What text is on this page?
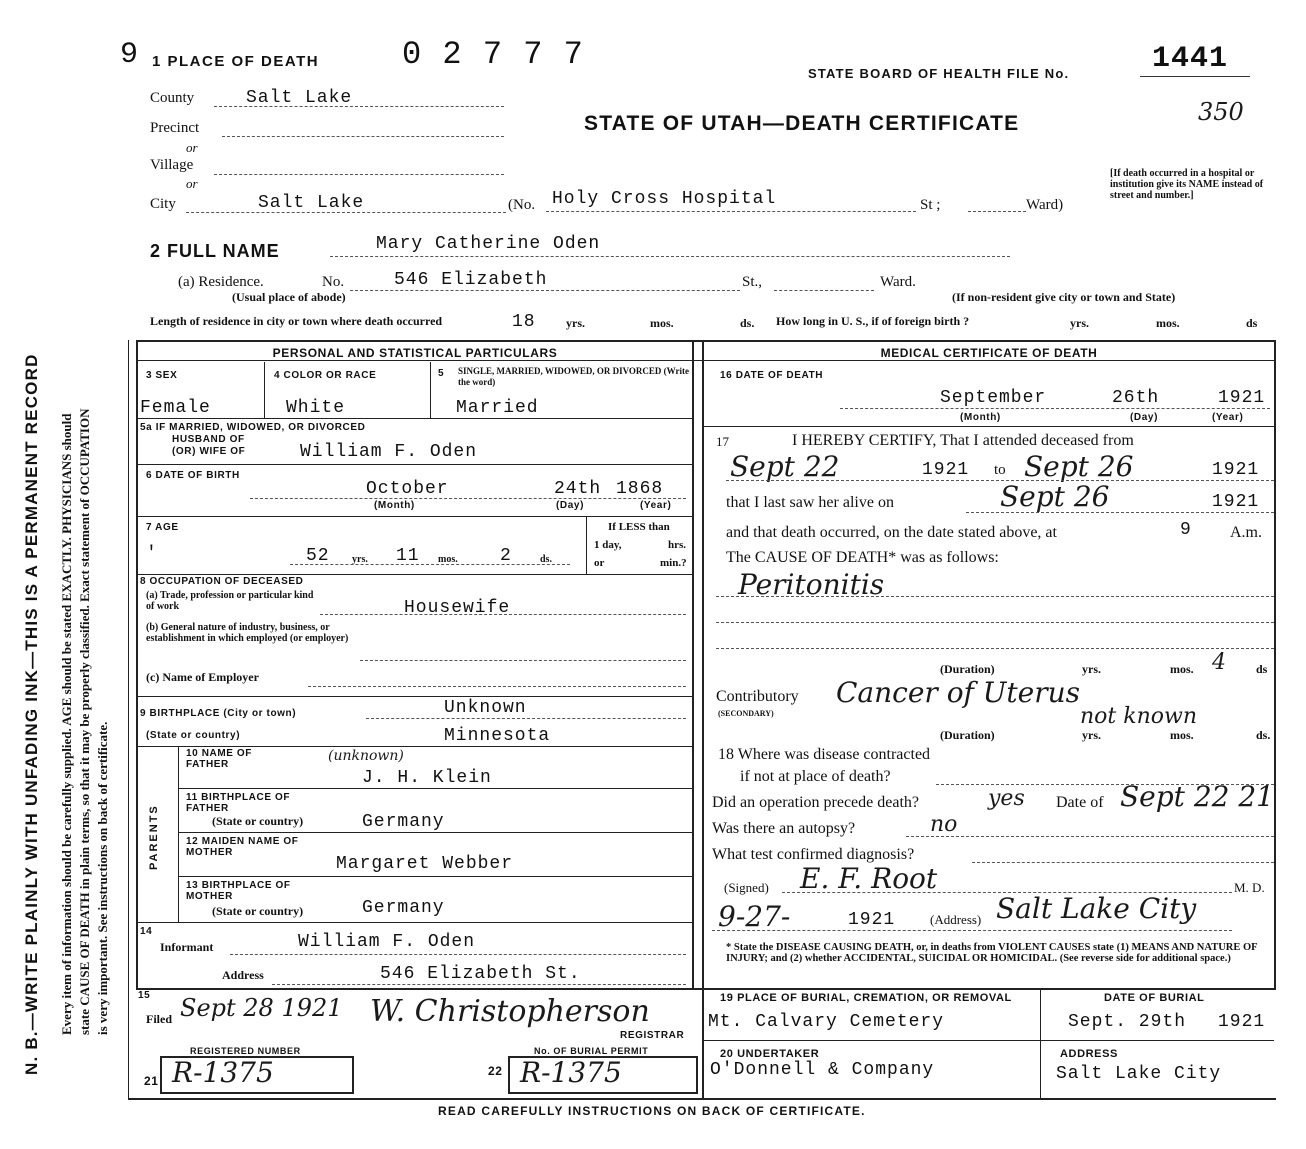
N. B.—WRITE PLAINLY WITH UNFADING INK—THIS IS A PERMANENT RECORD Every item of information should be carefully supplied. AGE should be stated EXACTLY. PHYSICIANS should state CAUSE OF DEATH in plain terms, so that it may be properly classified. Exact statement of OCCUPATION is very important. See instructions on back of certificate.
9 1 PLACE OF DEATH	0 2 7 7 7
STATE BOARD OF HEALTH FILE No.	1441
350
STATE OF UTAH—DEATH CERTIFICATE
County	Salt Lake
Precinct
or
Village
or
City	Salt Lake	(No. Holy Cross Hospital	St ;	Ward)
[If death occurred in a hospital or institution give its NAME instead of street and number.]
2 FULL NAME	Mary Catherine Oden
(a) Residence.	No.	546 Elizabeth	St.,	Ward.
(Usual place of abode)	(If non-resident give city or town and State)
Length of residence in city or town where death occurred	18	yrs.	mos.	ds. How long in U. S., if of foreign birth ?	yrs.	mos.	ds
PERSONAL AND STATISTICAL PARTICULARS
3 SEX
Female
4 COLOR OR RACE
White
5 SINGLE, MARRIED, WIDOWED, OR DIVORCED (Write the word)
Married
5a IF MARRIED, WIDOWED, OR DIVORCED
HUSBAND OF
(OR) WIFE OF	William F. Oden
6 DATE OF BIRTH
October	24th 1868
(Month)	(Day)	(Year)
7 AGE
′	52 yrs. 11 mos. 2	ds.
If LESS than
1 day,	hrs.
or	min.?
8 OCCUPATION OF DECEASED
(a) Trade, profession or particular kind of work	Housewife
(b) General nature of industry, business, or establishment in which employed (or employer)
(c) Name of Employer
9 BIRTHPLACE (City or town)	Unknown
(State or country)	Minnesota
PARENTS
10 NAME OF FATHER
(unknown)
J. H. Klein
11 BIRTHPLACE OF FATHER
(State or country)	Germany
12 MAIDEN NAME OF MOTHER
Margaret Webber
13 BIRTHPLACE OF MOTHER
(State or country)	Germany
14
Informant	William F. Oden
Address	546 Elizabeth St.
15
Filed Sept 28 1921 W. Christopherson
REGISTRAR
REGISTERED NUMBER
21 R-1375
No. OF BURIAL PERMIT
22 R-1375
MEDICAL CERTIFICATE OF DEATH
16 DATE OF DEATH
September	26th	1921
(Month)	(Day)	(Year)
17	I HEREBY CERTIFY, That I attended deceased from
Sept 22	1921 to Sept 26	1921
that I last saw her alive on	Sept 26	1921
and that death occurred, on the date stated above, at	9 A.m.
The CAUSE OF DEATH* was as follows:
Peritonitis
(Duration)	yrs.	mos. 4	ds
Contributory
(SECONDARY)
Cancer of Uterus
not known
(Duration)	yrs.	mos.	ds.
18 Where was disease contracted
if not at place of death?
Did an operation precede death?	yes Date of Sept 22 21
Was there an autopsy?	no
What test confirmed diagnosis?
(Signed) E. F. Root	M. D.
9-27-	1921	(Address) Salt Lake City
* State the DISEASE CAUSING DEATH, or, in deaths from VIOLENT CAUSES state (1) MEANS AND NATURE OF INJURY; and (2) whether ACCIDENTAL, SUICIDAL OR HOMICIDAL. (See reverse side for additional space.)
19 PLACE OF BURIAL, CREMATION, OR REMOVAL
Mt. Calvary Cemetery
DATE OF BURIAL
Sept. 29th 1921
20 UNDERTAKER
O'Donnell & Company
ADDRESS
Salt Lake City
READ CAREFULLY INSTRUCTIONS ON BACK OF CERTIFICATE.
